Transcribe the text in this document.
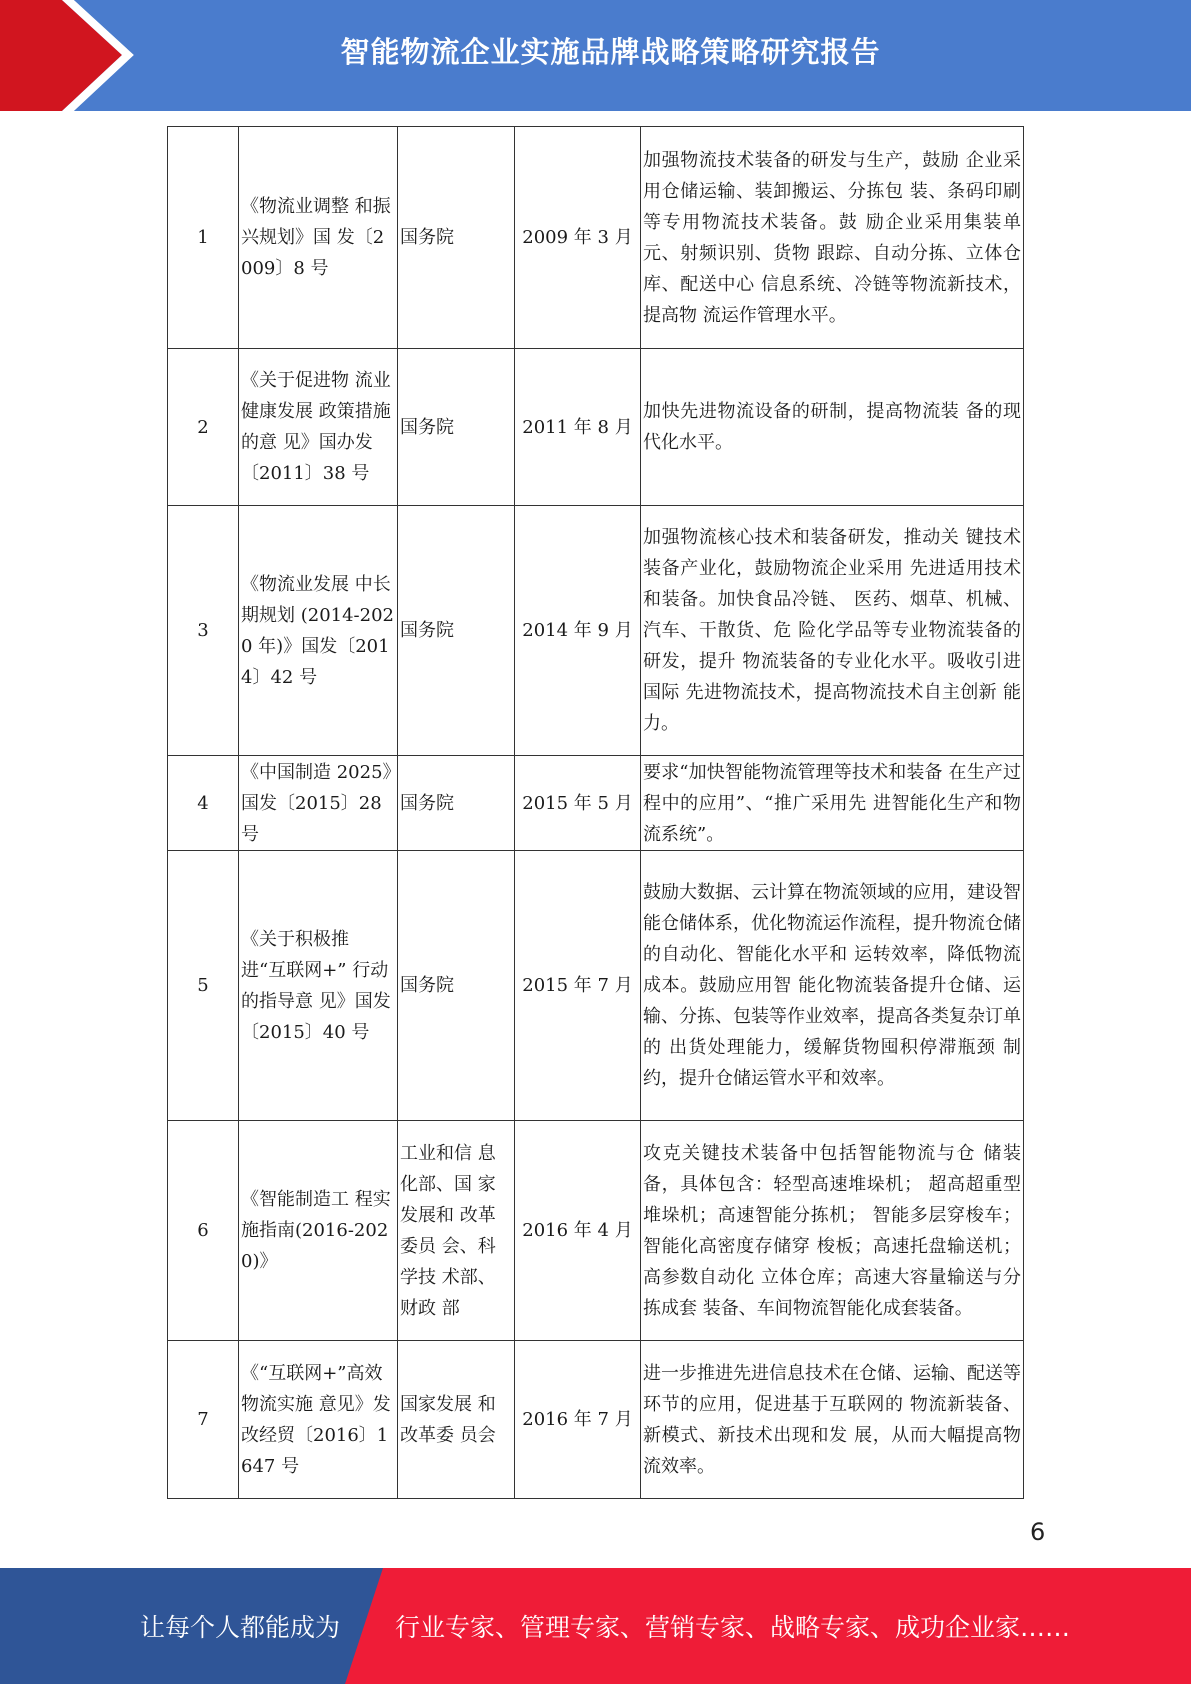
智能物流企业实施品牌战略策略研究报告
1	《物流业调整 和振兴规划》国 发〔2009〕8 号	国务院	2009 年 3 月	加强物流技术装备的研发与生产，鼓励 企业采用仓储运输、装卸搬运、分拣包 装、条码印刷等专用物流技术装备。鼓 励企业采用集装单元、射频识别、货物 跟踪、自动分拣、立体仓库、配送中心 信息系统、冷链等物流新技术，提高物 流运作管理水平。
2	《关于促进物 流业健康发展 政策措施的意 见》国办发〔2011〕38 号	国务院	2011 年 8 月	加快先进物流设备的研制，提高物流装 备的现代化水平。
3	《物流业发展 中长期规划 (2014-2020 年)》国发〔2014〕42 号	国务院	2014 年 9 月	加强物流核心技术和装备研发，推动关 键技术装备产业化，鼓励物流企业采用 先进适用技术和装备。加快食品冷链、 医药、烟草、机械、汽车、干散货、危 险化学品等专业物流装备的研发，提升 物流装备的专业化水平。吸收引进国际 先进物流技术，提高物流技术自主创新 能力。
4	《中国制造 2025》国发〔2015〕28 号	国务院	2015 年 5 月	要求“加快智能物流管理等技术和装备 在生产过程中的应用”、“推广采用先 进智能化生产和物流系统”。
5	《关于积极推 进“互联网+” 行动的指导意 见》国发〔2015〕40 号	国务院	2015 年 7 月	鼓励大数据、云计算在物流领域的应用，建设智能仓储体系，优化物流运作流程，提升物流仓储的自动化、智能化水平和 运转效率，降低物流成本。鼓励应用智 能化物流装备提升仓储、运输、分拣、包装等作业效率，提高各类复杂订单的 出货处理能力，缓解货物囤积停滞瓶颈 制约，提升仓储运管水平和效率。
6	《智能制造工 程实施指南(2016-2020)》	工业和信 息化部、国 家发展和 改革委员 会、科学技 术部、财政 部	2016 年 4 月	攻克关键技术装备中包括智能物流与仓 储装备，具体包含：轻型高速堆垛机； 超高超重型堆垛机；高速智能分拣机； 智能多层穿梭车；智能化高密度存储穿 梭板；高速托盘输送机；高参数自动化 立体仓库；高速大容量输送与分拣成套 装备、车间物流智能化成套装备。
7	《“互联网+”高效物流实施 意见》发改经贸〔2016〕1647 号	国家发展 和改革委 员会	2016 年 7 月	进一步推进先进信息技术在仓储、运输、配送等环节的应用，促进基于互联网的 物流新装备、新模式、新技术出现和发 展，从而大幅提高物流效率。
6
让每个人都能成为 行业专家、管理专家、营销专家、战略专家、成功企业家……
